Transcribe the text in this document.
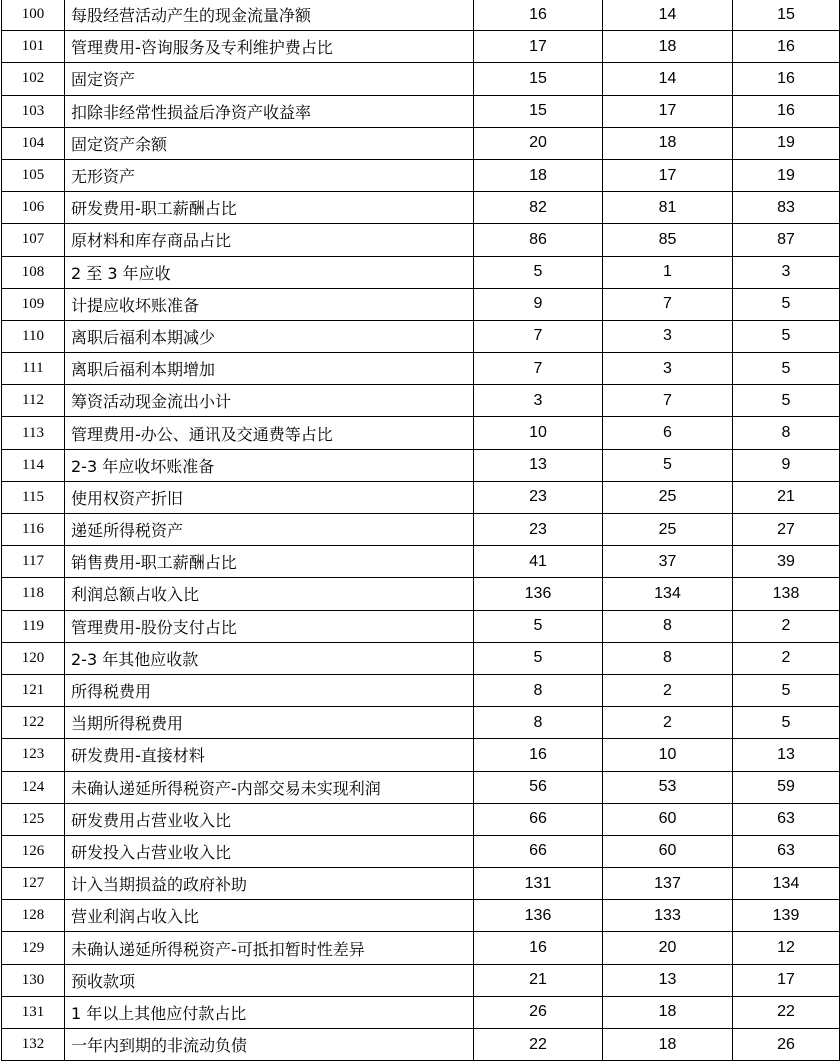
100	每股经营活动产生的现金流量净额	16	14	15
101	管理费用-咨询服务及专利维护费占比	17	18	16
102	固定资产	15	14	16
103	扣除非经常性损益后净资产收益率	15	17	16
104	固定资产余额	20	18	19
105	无形资产	18	17	19
106	研发费用-职工薪酬占比	82	81	83
107	原材料和库存商品占比	86	85	87
108	2 至 3 年应收	5	1	3
109	计提应收坏账准备	9	7	5
110	离职后福利本期减少	7	3	5
111	离职后福利本期增加	7	3	5
112	筹资活动现金流出小计	3	7	5
113	管理费用-办公、通讯及交通费等占比	10	6	8
114	2-3 年应收坏账准备	13	5	9
115	使用权资产折旧	23	25	21
116	递延所得税资产	23	25	27
117	销售费用-职工薪酬占比	41	37	39
118	利润总额占收入比	136	134	138
119	管理费用-股份支付占比	5	8	2
120	2-3 年其他应收款	5	8	2
121	所得税费用	8	2	5
122	当期所得税费用	8	2	5
123	研发费用-直接材料	16	10	13
124	未确认递延所得税资产-内部交易未实现利润	56	53	59
125	研发费用占营业收入比	66	60	63
126	研发投入占营业收入比	66	60	63
127	计入当期损益的政府补助	131	137	134
128	营业利润占收入比	136	133	139
129	未确认递延所得税资产-可抵扣暂时性差异	16	20	12
130	预收款项	21	13	17
131	1 年以上其他应付款占比	26	18	22
132	一年内到期的非流动负债	22	18	26
